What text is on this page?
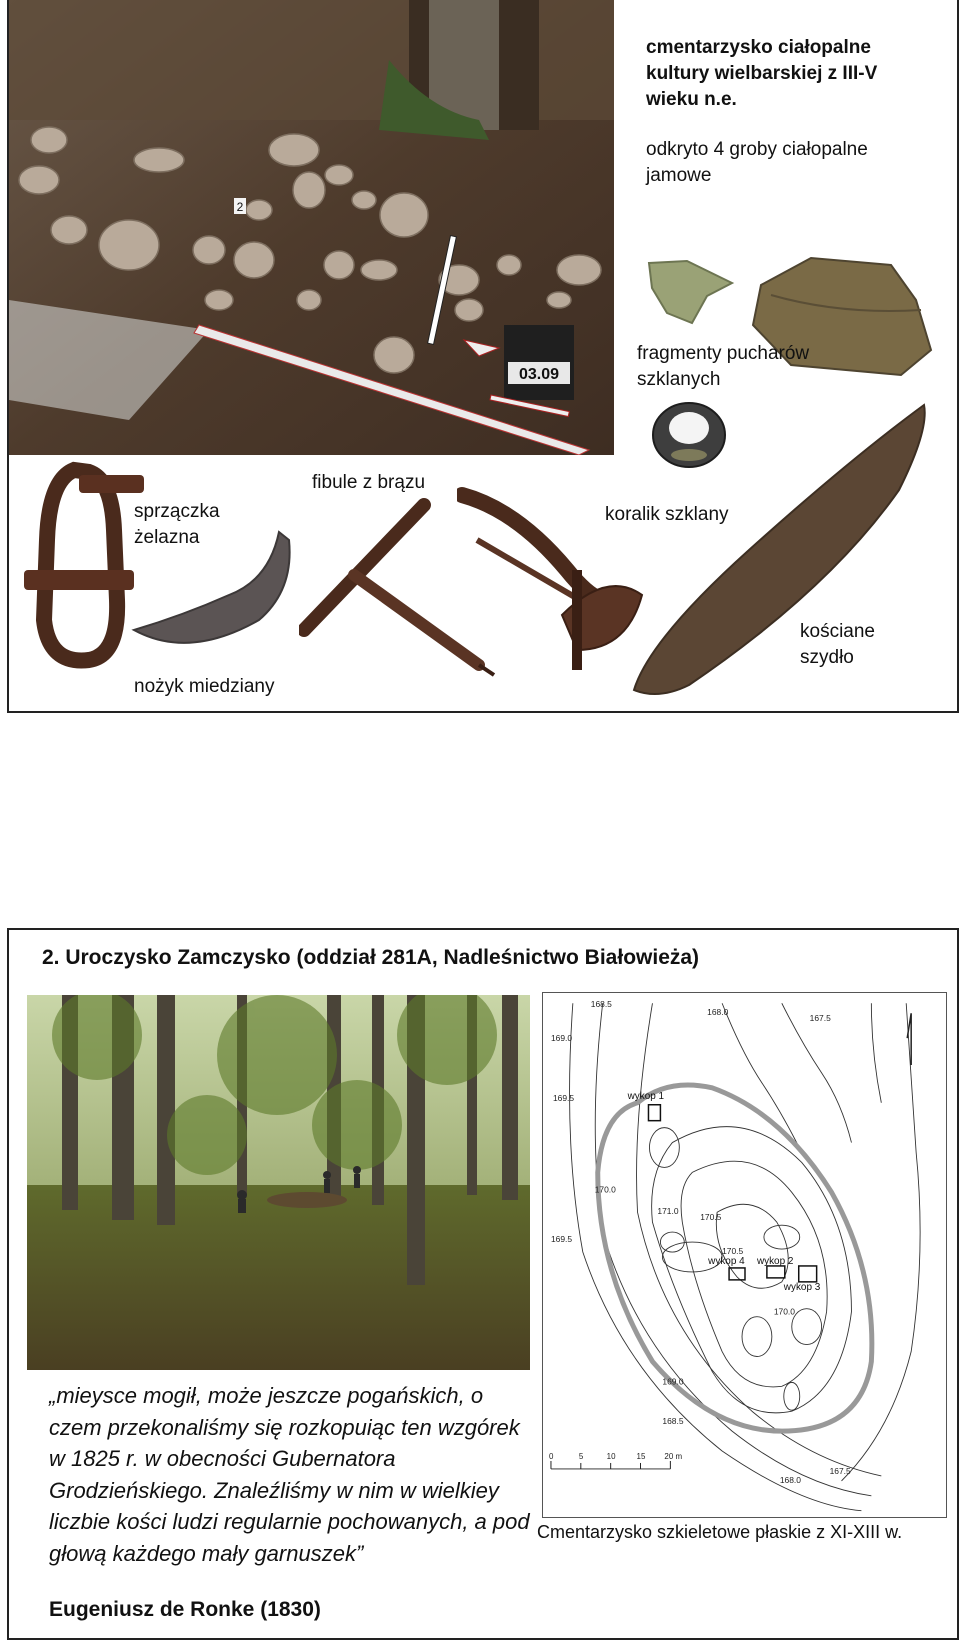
03.09
2
cmentarzysko ciałopalne
kultury wielbarskiej z III-V
wieku n.e.
odkryto 4 groby ciałopalne
jamowe
fragmenty pucharów
szklanych
sprzączka
żelazna
fibule z brązu
koralik szklany
kościane
szydło
nożyk miedziany
2. Uroczysko Zamczysko (oddział 281A, Nadleśnictwo Białowieża)
168.5
168.0
167.5
169.0
169.5
170.0
171.0
170.5
170.5
170.0
169.5
169.0
168.5
168.0
167.5
wykop 1
wykop 2
wykop 3
wykop 4
0	5	10	15 20 m
„mieysce mogił, może jeszcze pogańskich, o czem przekonaliśmy się rozkopuiąc ten wzgórek w 1825 r. w obecności Gubernatora Grodzieńskiego. Znaleźliśmy w nim w wielkiey liczbie kości ludzi regularnie pochowanych, a pod głową każdego mały garnuszek”
Eugeniusz de Ronke (1830)
Cmentarzysko szkieletowe płaskie z XI-XIII w.
